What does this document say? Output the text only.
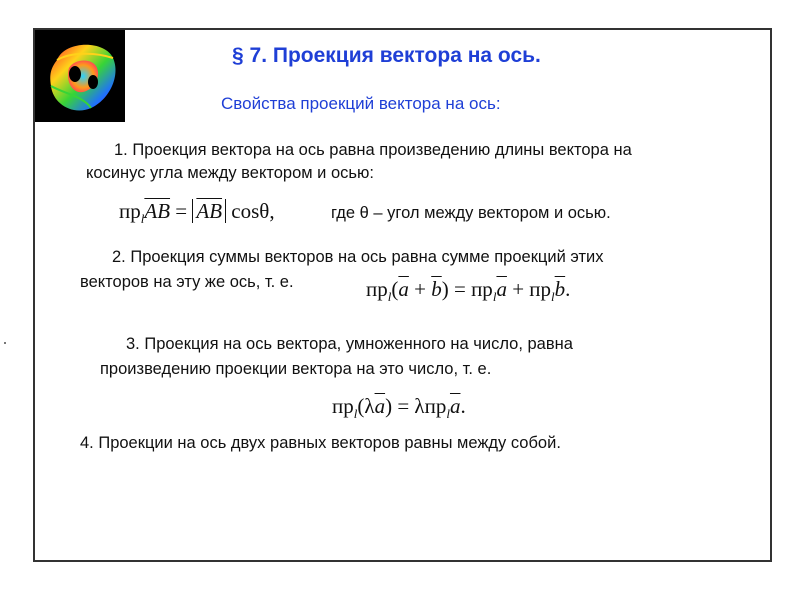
§ 7. Проекция вектора на ось.
Свойства проекций вектора на ось:
1. Проекция вектора на ось равна произведению длины вектора на
косинус угла между вектором и осью:
$пр_l\overline{AB} = \overline{AB}$ cosθ,	где θ – угол между вектором и осью.
2. Проекция суммы векторов на ось равна сумме проекций этих
векторов на эту же ось, т. е.	$пр_l(\overline{a} + \overline{b}) = пр_l\overline{a} + пр_l\overline{b}$.
3. Проекция на ось вектора, умноженного на число, равна
произведению проекции вектора на это число, т. е.
$пр_l(\lambda\overline{a}) = \lambda пр_l\overline{a}$.
4. Проекции на ось двух равных векторов равны между собой.
